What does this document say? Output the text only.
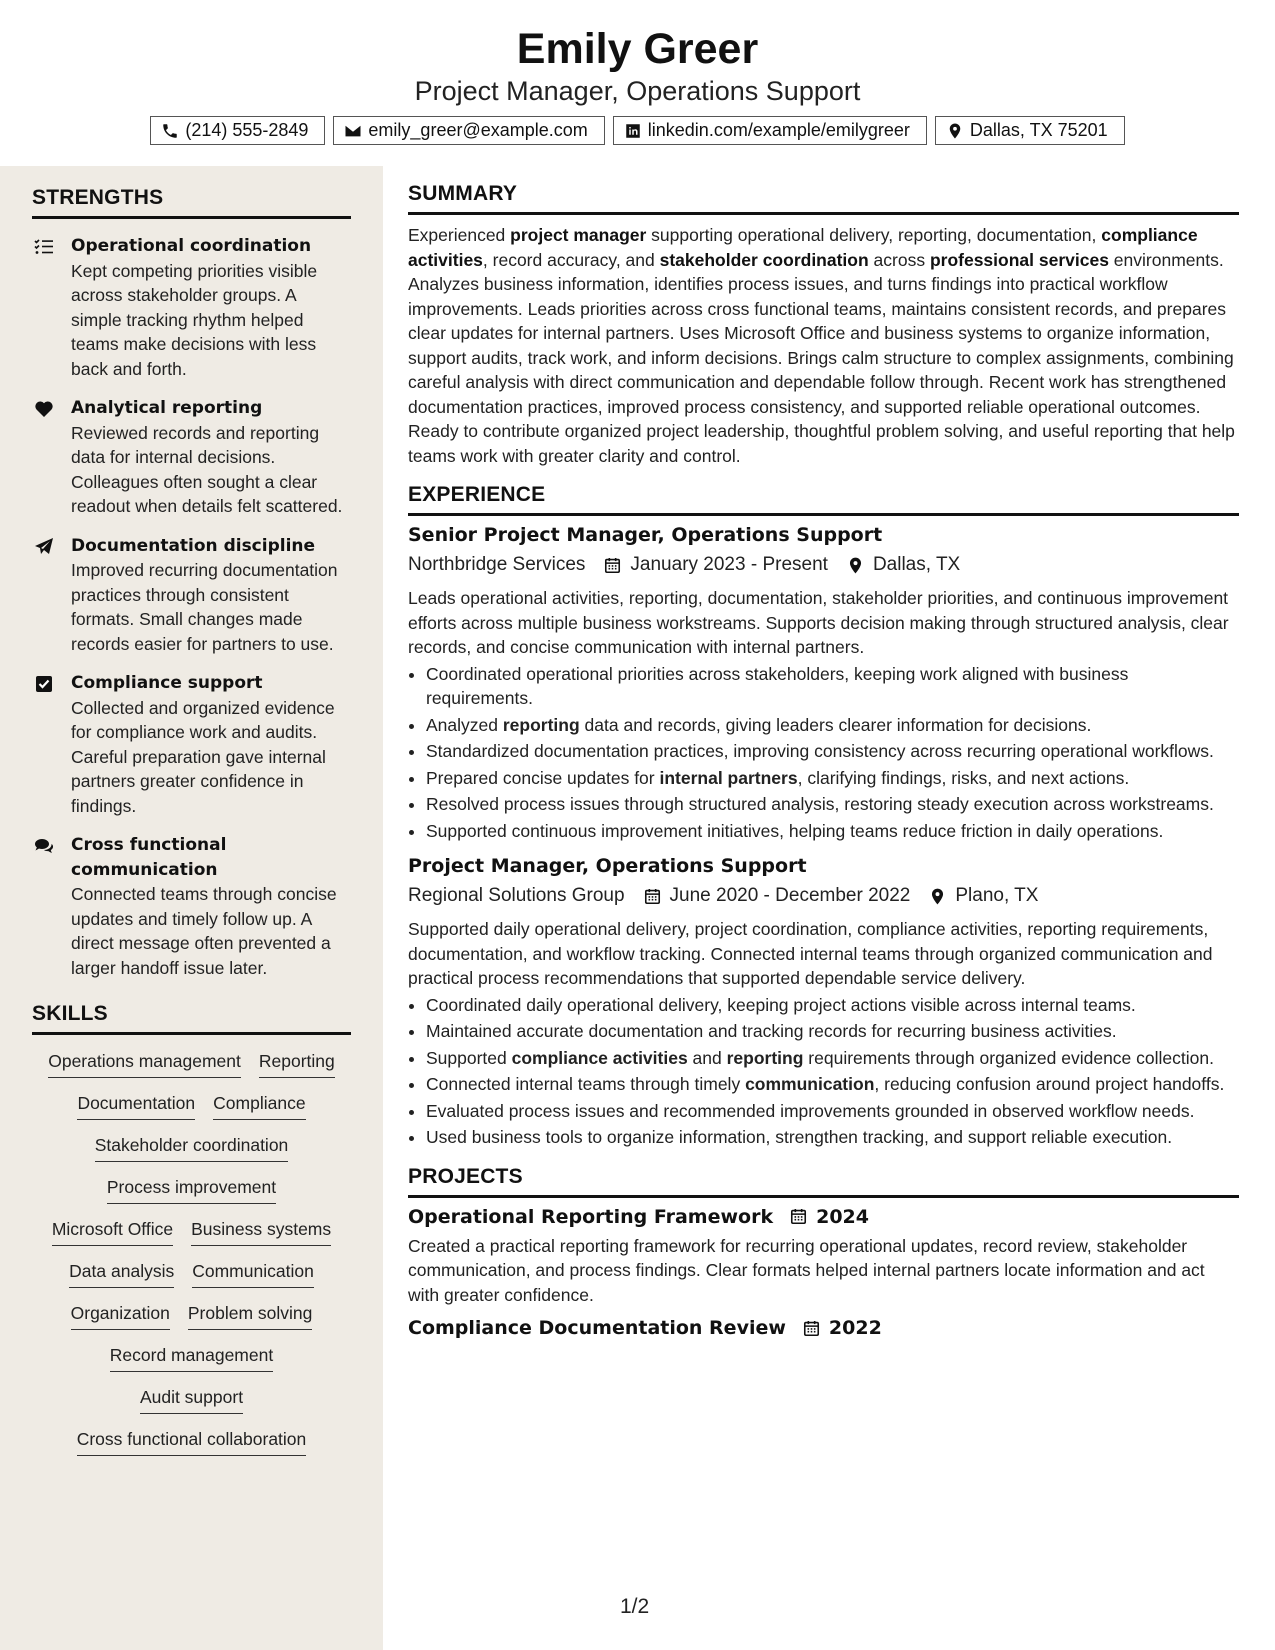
Emily Greer
Project Manager, Operations Support
(214) 555-2849	emily_greer@example.com	linkedin.com/example/emilygreer	Dallas, TX 75201
STRENGTHS
Operational coordination
Kept competing priorities visible across stakeholder groups. A simple tracking rhythm helped teams make decisions with less back and forth.
Analytical reporting
Reviewed records and reporting data for internal decisions. Colleagues often sought a clear readout when details felt scattered.
Documentation discipline
Improved recurring documentation practices through consistent formats. Small changes made records easier for partners to use.
Compliance support
Collected and organized evidence for compliance work and audits. Careful preparation gave internal partners greater confidence in findings.
Cross functional communication
Connected teams through concise updates and timely follow up. A direct message often prevented a larger handoff issue later.
SKILLS
Operations management Reporting
Documentation Compliance
Stakeholder coordination
Process improvement
Microsoft Office Business systems
Data analysis Communication
Organization Problem solving
Record management
Audit support
Cross functional collaboration
SUMMARY
Experienced project manager supporting operational delivery, reporting, documentation, compliance activities, record accuracy, and stakeholder coordination across professional services environments. Analyzes business information, identifies process issues, and turns findings into practical workflow improvements. Leads priorities across cross functional teams, maintains consistent records, and prepares clear updates for internal partners. Uses Microsoft Office and business systems to organize information, support audits, track work, and inform decisions. Brings calm structure to complex assignments, combining careful analysis with direct communication and dependable follow through. Recent work has strengthened documentation practices, improved process consistency, and supported reliable operational outcomes. Ready to contribute organized project leadership, thoughtful problem solving, and useful reporting that help teams work with greater clarity and control.
EXPERIENCE
Senior Project Manager, Operations Support
Northbridge Services January 2023 - Present Dallas, TX
Leads operational activities, reporting, documentation, stakeholder priorities, and continuous improvement efforts across multiple business workstreams. Supports decision making through structured analysis, clear records, and concise communication with internal partners.
• Coordinated operational priorities across stakeholders, keeping work aligned with business requirements.
• Analyzed reporting data and records, giving leaders clearer information for decisions.
• Standardized documentation practices, improving consistency across recurring operational workflows.
• Prepared concise updates for internal partners, clarifying findings, risks, and next actions.
• Resolved process issues through structured analysis, restoring steady execution across workstreams.
• Supported continuous improvement initiatives, helping teams reduce friction in daily operations.
Project Manager, Operations Support
Regional Solutions Group June 2020 - December 2022 Plano, TX
Supported daily operational delivery, project coordination, compliance activities, reporting requirements, documentation, and workflow tracking. Connected internal teams through organized communication and practical process recommendations that supported dependable service delivery.
• Coordinated daily operational delivery, keeping project actions visible across internal teams.
• Maintained accurate documentation and tracking records for recurring business activities.
• Supported compliance activities and reporting requirements through organized evidence collection.
• Connected internal teams through timely communication, reducing confusion around project handoffs.
• Evaluated process issues and recommended improvements grounded in observed workflow needs.
• Used business tools to organize information, strengthen tracking, and support reliable execution.
PROJECTS
Operational Reporting Framework 2024
Created a practical reporting framework for recurring operational updates, record review, stakeholder communication, and process findings. Clear formats helped internal partners locate information and act with greater confidence.
Compliance Documentation Review 2022
1/2
